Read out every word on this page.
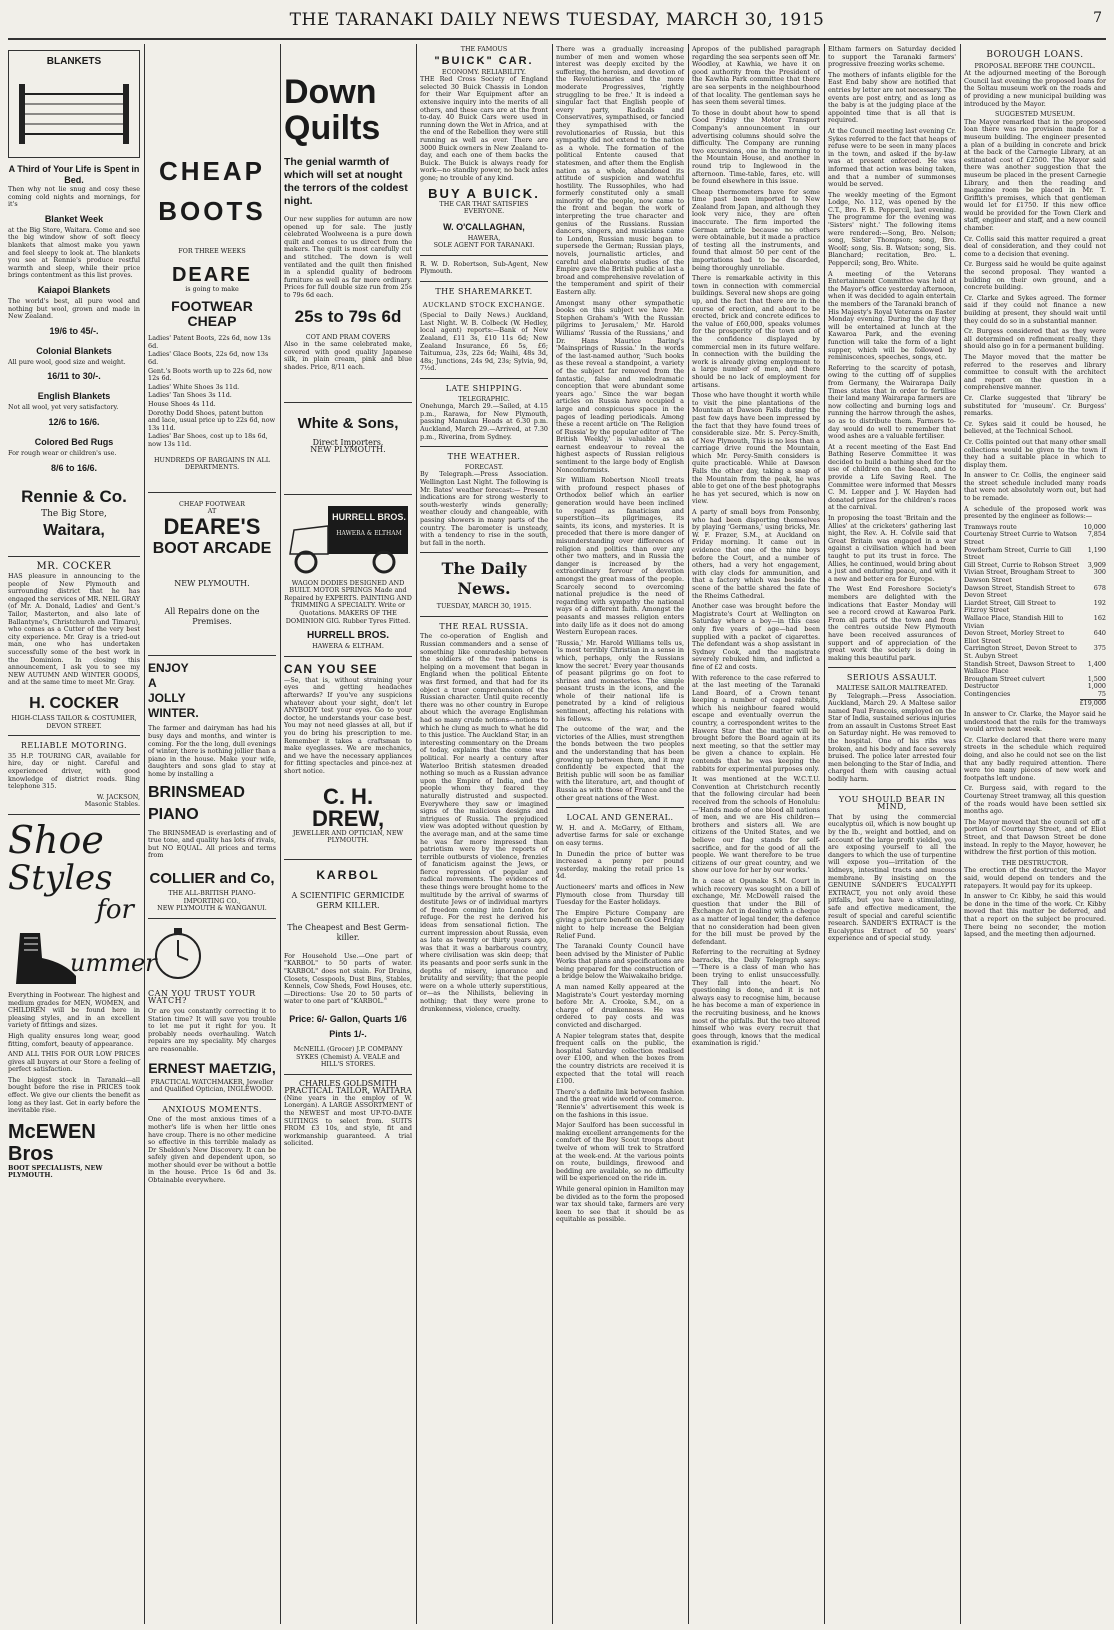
THE TARANAKI DAILY NEWS TUESDAY, MARCH 30, 1915	7
BLANKETS
A Third of Your Life is Spent in Bed.

Then why not lie snug and cosy these coming cold nights and mornings, for it's

Blanket Week

at the Big Store, Waitara. Come and see the big window show of soft fleecy blankets that almost make you yawn and feel sleepy to look at. The blankets you see at Rennie's produce restful warmth and sleep, while their price brings contentment as this list proves.

Kaiapoi Blankets

The world's best, all pure wool and nothing but wool, grown and made in New Zealand.

19/6 to 45/-.
Colonial Blankets

All pure wool, good size and weight.

16/11 to 30/-.
English Blankets

Not all wool, yet very satisfactory.

12/6 to 16/6.
Colored Bed Rugs

For rough wear or children's use.

8/6 to 16/6.
Rennie & Co.
The Big Store,
Waitara,
MR. COCKER

HAS pleasure in announcing to the people of New Plymouth and surrounding district that he has engaged the services of MR. NEIL GRAY (of Mr. A. Donald, Ladies' and Gent.'s Tailor, Masterton, and also late of Ballantyne's, Christchurch and Timaru), who comes as a Cutter of the very best city experience. Mr. Gray is a tried-out man, one who has undertaken successfully some of the best work in the Dominion. In closing this announcement, I ask you to see my NEW AUTUMN AND WINTER GOODS, and at the same time to meet Mr. Gray.

H. COCKER
HIGH-CLASS TAILOR & COSTUMIER, DEVON STREET.
RELIABLE MOTORING.

35 H.P. TOURING CAR, available for hire, day or night. Careful and experienced driver, with good knowledge of district roads. Ring telephone 315.

W. JACKSON,
Masonic Stables.
Shoe
Styles
for
ummer

Everything in Footwear. The highest and medium grades for MEN, WOMEN, and CHILDREN will be found here in pleasing styles, and in an excellent variety of fittings and sizes.

High quality ensures long wear, good fitting, comfort, beauty of appearance.

AND ALL THIS FOR OUR LOW PRICES gives all buyers at our Store a feeling of perfect satisfaction.

The biggest stock in Taranaki—all bought before the rise in PRICES took effect. We give our clients the benefit as long as they last. Get in early before the inevitable rise.

McEWEN Bros
BOOT SPECIALISTS, NEW PLYMOUTH.
CHEAP
BOOTS
FOR THREE WEEKS
DEARE
is going to make
FOOTWEAR CHEAP
Ladies' Patent Boots, 22s 6d, now 13s 6d.
Ladies' Glace Boots, 22s 6d, now 13s 6d.
Gent.'s Boots worth up to 22s 6d, now 12s 6d.
Ladies' White Shoes 3s 11d.
Ladies' Tan Shoes 3s 11d.
House Shoes 4s 11d.
Dorothy Dodd Shoes, patent button and lace, usual price up to 22s 6d, now 13s 11d.
Ladies' Bar Shoes, cost up to 18s 6d, now 13s 11d.
HUNDREDS OF BARGAINS IN ALL DEPARTMENTS.
CHEAP FOOTWEAR
AT
DEARE'S
BOOT ARCADE
NEW PLYMOUTH.
All Repairs done on the Premises.
ENJOY
A
JOLLY
WINTER.

The farmer and dairyman has had his busy days and months, and winter is coming. For the the long, dull evenings of winter, there is nothing jollier than a piano in the house. Make your wife, daughters and sons glad to stay at home by installing a

BRINSMEAD
PIANO

The BRINSMEAD is everlasting and of true tone, and quality has lots of rivals, but NO EQUAL. All prices and terms from

COLLIER and Co,
THE ALL-BRITISH PIANO-IMPORTING CO.,
NEW PLYMOUTH & WANGANUI.
CAN YOU TRUST YOUR WATCH?

Or are you constantly correcting it to Station time? It will save you trouble to let me put it right for you. It probably needs overhauling. Watch repairs are my speciality. My charges are reasonable.

ERNEST MAETZIG,
PRACTICAL WATCHMAKER, Jeweller and Qualified Optician, INGLEWOOD.
ANXIOUS MOMENTS.

One of the most anxious times of a mother's life is when her little ones have croup. There is no other medicine so effective in this terrible malady as Dr Sheldon's New Discovery. It can be safely given and dependent upon, so mother should ever be without a bottle in the house. Price 1s 6d and 3s. Obtainable everywhere.

Down
Quilts
The genial warmth of which will set at nought the terrors of the coldest night.

Our new supplies for autumn are now opened up for sale. The justly celebrated Woolweena is a pure down quilt and comes to us direct from the makers. The quilt is most carefully cut and stitched. The down is well ventilated and the quilt then finished in a splendid quality of bedroom furniture as well as far more ordinary. Prices for full double size run from 25s to 79s 6d each.

25s to 79s 6d
COT AND PRAM COVERS

Also in the same celebrated make, covered with good quality Japanese silk, in plain cream, pink and blue shades. Price, 8/11 each.

White & Sons,
Direct Importers,
NEW PLYMOUTH.
HURRELL BROS.
HAWERA & ELTHAM

WAGON DODIES DESIGNED AND BUILT. MOTOR SPRINGS Made and Repaired by EXPERTS. PAINTING AND TRIMMING A SPECIALTY. Write or Quotations. MAKERS OF THE DOMINION GIG. Rubber Tyres Fitted.

HURRELL BROS.
HAWERA & ELTHAM.
CAN YOU SEE

—Se, that is, without straining your eyes and getting headaches afterwards? If you've any suspicions whatever about your sight, don't let ANYBODY test your eyes. Go to your doctor, he understands your case best. You may not need glasses at all, but if you do bring his prescription to me. Remember it takes a craftsman to make eyeglasses. We are mechanics, and we have the necessary appliances for fitting spectacles and pince-nez at short notice.

C. H. DREW,
JEWELLER AND OPTICIAN, NEW PLYMOUTH.
KARBOL
A SCIENTIFIC GERMICIDE GERM KILLER.
The Cheapest and Best Germ-killer.

For Household Use.—One part of "KARBOL" to 50 parts of water. "KARBOL" does not stain. For Drains, Closets, Cesspools, Dust Bins, Stables, Kennels, Cow Sheds, Fowl Houses, etc.—Directions: Use 20 to 50 parts of water to one part of "KARBOL."

Price: 6/- Gallon, Quarts 1/6 Pints 1/-.

McNEILL (Grocer) J.P. COMPANY SYKES (Chemist) A. VEALE and HILL'S STORES.

CHARLES GOLDSMITH
PRACTICAL TAILOR, WAITARA

(Nine years in the employ of W. Lonergan). A LARGE ASSORTMENT of the NEWEST and most UP-TO-DATE SUITINGS to select from. SUITS FROM £3 10s, and style, fit and workmanship guaranteed. A trial solicited.

THE FAMOUS
"BUICK" CAR.
ECONOMY. RELIABILITY.

THE Red Cross Society of England selected 30 Buick Chassis in London for their War Equipment after an extensive inquiry into the merits of all others, and these cars are at the front to-day. 40 Buick Cars were used in running down the Wet in Africa, and at the end of the Rebellion they were still running as well as ever. There are 3000 Buick owners in New Zealand to-day, and each one of them backs the Buick. The Buick is always ready for work—no standby power, no back axles gone; no trouble of any kind.

BUY A BUICK.
THE CAR THAT SATISFIES EVERYONE.
W. O'CALLAGHAN,
HAWERA,
SOLE AGENT FOR TARANAKI.

R. W. D. Robertson, Sub-Agent, New Plymouth.

THE SHAREMARKET.
AUCKLAND STOCK EXCHANGE.

(Special to Daily News.) Auckland, Last Night. W. B. Colbeck (W. Hedley, local agent) reports:—Bank of New Zealand, £11 3s, £10 11s 6d; New Zealand Insurance, £6 5s, £6; Taitumua, 23s, 22s 6d; Waihi, 48s 3d, 48s; Junctions, 24s 9d, 23s; Sylvia, 9d, 7½d.

LATE SHIPPING.
TELEGRAPHIC.

Onehunga, March 29.—Sailed, at 4.15 p.m., Rarawa, for New Plymouth, passing Manukau Heads at 6.30 p.m. Auckland, March 29.—Arrived, at 7.30 p.m., Riverina, from Sydney.

THE WEATHER.
FORECAST.

By Telegraph.—Press Association. Wellington Last Night. The following is Mr. Bates' weather forecast:— Present indications are for strong westerly to south-westerly winds generally; weather cloudy and changeable, with passing showers in many parts of the country. The barometer is unsteady, with a tendency to rise in the south, but fall in the north.

The Daily News.
TUESDAY, MARCH 30, 1915.
THE REAL RUSSIA.

The co-operation of English and Russian commanders and a sense of something like comradeship between the soldiers of the two nations is helping on a movement that began in England when the political Entente was first formed, and that had for its object a truer comprehension of the Russian character. Until quite recently there was no other country in Europe about which the average Englishman had so many crude notions—notions to which he clung as much to what he did to this justice. The Auckland Star, in an interesting commentary on the Dream of today, explains that the come was political. For nearly a century after Waterloo British statesmen dreaded nothing so much as a Russian advance upon the Empire of India, and the people whom they feared they naturally distrusted and suspected. Everywhere they saw or imagined signs of the malicious designs and intrigues of Russia. The prejudiced view was adopted without question by the average man, and at the same time he was far more impressed than patriotism were by the reports of terrible outbursts of violence, frenzies of fanaticism against the Jews, or fierce repression of popular and radical movements. The evidences of these things were brought home to the multitude by the arrival of swarms of destitute Jews or of individual martyrs of freedom coming into London for refuge. For the rest he derived his ideas from sensational fiction. The current impression about Russia, even as late as twenty or thirty years ago, was that it was a barbarous country, where civilisation was skin deep; that its peasants and poor serfs sunk in the depths of misery, ignorance and brutality and servility; that the people were on a whole utterly superstitious, or—as the Nihilists, believing in nothing; that they were prone to drunkenness, violence, cruelty.

There was a gradually increasing number of men and women whose interest was deeply excited by the suffering, the heroism, and devotion of the Revolutionaries and the more moderate Progressives, 'rightly struggling to be free.' It is indeed a singular fact that English people of every party, Radicals and Conservatives, sympathised, or fancied they sympathised with the revolutionaries of Russia, but this sympathy did not extend to the nation as a whole. The formation of the political Entente caused that statesmen, and after them the English nation as a whole, abandoned its attitude of suspicion and watchful hostility. The Russophiles, who had formerly constituted only a small minority of the people, now came to the front and began the work of interpreting the true character and genius of the Russians. Russian dancers, singers, and musicians came to London, Russian music began to supersede the German; Russian plays, novels, journalistic articles, and careful and elaborate studies of the Empire gave the British public at last a broad and comprehensive revelation of the temperament and spirit of their Eastern ally.

Amongst many other sympathetic books on this subject we have Mr. Stephen Graham's 'With the Russian pilgrims to Jerusalem,' Mr. Harold Williams' 'Russia of the Russians,' and Dr. Hans Maurice Baring's 'Mainsprings of Russia.' In the words of the last-named author, 'Such books as these reveal a standpoint, a variety of the subject far removed from the fantastic, false and melodramatic conception that were abundant some years ago.' Since the war began articles on Russia have occupied a large and conspicuous space in the pages of leading periodicals. Among these a recent article on 'The Religion of Russia' by the popular editor of 'The British Weekly,' is valuable as an earnest endeavour to reveal the highest aspects of Russian religious sentiment to the large body of English Nonconformists.

Sir William Robertson Nicoll treats with profound respect phases of Orthodox belief which an earlier generation would have been inclined to regard as fanaticism and superstition—its pilgrimages, its saints, its icons, and mysteries. It is preceded that there is more danger of misunderstanding over differences of religion and politics than over any other two matters, and in Russia the danger is increased by the extraordinary fervour of devotion amongst the great mass of the people. Scarcely second to overcoming national prejudice is the need of regarding with sympathy the national ways of a different faith. Amongst the peasants and masses religion enters into daily life as it does not do among Western European races.

'Russia,' Mr. Harold Williams tells us, 'is most terribly Christian in a sense in which, perhaps, only the Russians know the secret.' Every year thousands of peasant pilgrims go on foot to shrines and monasteries. The simple peasant trusts in the icons, and the whole of their national life is penetrated by a kind of religious sentiment, affecting his relations with his fellows.

The outcome of the war, and the victories of the Allies, must strengthen the bonds between the two peoples and the understanding that has been growing up between them, and it may confidently be expected that the British public will soon be as familiar with the literature, art, and thought of Russia as with those of France and the other great nations of the West.

LOCAL AND GENERAL.

W. H. and A. McGarry, of Eltham, advertise farms for sale or exchange on easy terms.

In Dunedin the price of butter was increased a penny per pound yesterday, making the retail price 1s 4d.

Auctioneers' marts and offices in New Plymouth close from Thursday till Tuesday for the Easter holidays.

The Empire Picture Company are giving a picture benefit on Good Friday night to help increase the Belgian Relief Fund.

The Taranaki County Council have been advised by the Minister of Public Works that plans and specifications are being prepared for the construction of a bridge below the Waiwakaiho bridge.

A man named Kelly appeared at the Magistrate's Court yesterday morning before Mr. A. Crooke, S.M., on a charge of drunkenness. He was ordered to pay costs and was convicted and discharged.

A Napier telegram states that, despite frequent calls on the public, the hospital Saturday collection realised over £100, and when the boxes from the country districts are received it is expected that the total will reach £100.

There's a definite link between fashion and the great wide world of commerce. 'Rennie's' advertisement this week is on the fashions in this issue.

Major Saulford has been successful in making excellent arrangements for the comfort of the Boy Scout troops about twelve of whom will trek to Stratford at the week-end. At the various points on route, buildings, firewood and bedding are available, so no difficulty will be experienced on the ride in.

While general opinion in Hamilton may be divided as to the form the proposed war tax should take, farmers are very keen to see that it should be as equitable as possible.

Apropos of the published paragraph regarding the sea serpents seen off Mr. Woodley, at Kawhia, we have it on good authority from the President of the Kawhia Park committee that there are sea serpents in the neighbourhood of that locality. The gentleman says he has seen them several times.

To those in doubt about how to spend Good Friday the Motor Transport Company's announcement in our advertising columns should solve the difficulty. The Company are running two excursions, one in the morning to the Mountain House, and another in round trip to Inglewood in the afternoon. Time-table, fares, etc. will be found elsewhere in this issue.

Cheap thermometers have for some time past been imported to New Zealand from Japan, and although they look very nice, they are often inaccurate. The firm imported the German article because no others were obtainable, but it made a practice of testing all the instruments, and found that almost 50 per cent of the importations had to be discarded, being thoroughly unreliable.

There is remarkable activity in this town in connection with commercial buildings. Several new shops are going up, and the fact that there are in the course of erection, and about to be erected, brick and concrete edifices to the value of £60,000, speaks volumes for the prosperity of the town and of the confidence displayed by commercial men in its future welfare. In connection with the building the work is already giving employment to a large number of men, and there should be no lack of employment for artisans.

Those who have thought it worth while to visit the pine plantations of the Mountain at Dawson Falls during the past few days have been impressed by the fact that they have found trees of considerable size. Mr. S. Percy-Smith, of New Plymouth, This is no less than a carriage drive round the Mountain, which Mr. Percy-Smith considers is quite practicable. While at Dawson Falls the other day, taking a snap of the Mountain from the peak, he was able to get one of the best photographs he has yet secured, which is now on view.

A party of small boys from Ponsonby, who had been disporting themselves by playing 'Germans,' using bricks, Mr. W. F. Frazer, S.M., at Auckland on Friday morning. It came out in evidence that one of the nine boys before the Court, and a number of others, had a very hot engagement, with clay clods for ammunition, and that a factory which was beside the scene of the battle shared the fate of the Rheims Cathedral.

Another case was brought before the Magistrate's Court at Wellington on Saturday where a boy—in this case only five years of age—had been supplied with a packet of cigarettes. The defendant was a shop assistant in Sydney Cook, and the magistrate severely rebuked him, and inflicted a fine of £2 and costs.

With reference to the case referred to at the last meeting of the Taranaki Land Board, of a Crown tenant keeping a number of caged rabbits, which his neighbour feared would escape and eventually overrun the country, a correspondent writes to the Hawera Star that the matter will be brought before the Board again at its next meeting, so that the settler may be given a chance to explain. He contends that he was keeping the rabbits for experimental purposes only.

It was mentioned at the W.C.T.U. Convention at Christchurch recently that the following circular had been received from the schools of Honolulu:—'Hands made of one blood all nations of men, and we are His children—brothers and sisters all. We are citizens of the United States, and we believe our flag stands for self-sacrifice, and for the good of all the people. We want therefore to be true citizens of our great country, and we show our love for her by our works.'

In a case at Opunake S.M. Court in which recovery was sought on a bill of exchange, Mr. McDowell raised the question that under the Bill of Exchange Act in dealing with a cheque as a matter of legal tender, the defence that no consideration had been given for the bill must be proved by the defendant.

Referring to the recruiting at Sydney barracks, the Daily Telegraph says:—'There is a class of man who has been trying to enlist unsuccessfully. They fall into the heart. No questioning is done, and it is not always easy to recognise him, because he has become a man of experience in the recruiting business, and he knows most of the pitfalls. But the two altered himself who was every recruit that goes through, knows that the medical examination is rigid.'

Eltham farmers on Saturday decided to support the Taranaki farmers' progressive freezing works scheme.

The mothers of infants eligible for the East End baby show are notified that entries by letter are not necessary. The events are post entry, and as long as the baby is at the judging place at the appointed time that is all that is required.

At the Council meeting last evening Cr. Sykes referred to the fact that heaps of refuse were to be seen in many places in the town, and asked if the by-law was at present enforced. He was informed that action was being taken, and that a number of summonses would be served.

The weekly meeting of the Egmont Lodge, No. 112, was opened by the C.T., Bro. F. B. Peppercil, last evening. The programme for the evening was 'Sisters' night.' The following items were rendered:—Song, Bro. Nelson; song, Sister Thompson; song, Bro. Woolf; song, Sis. B. Watson; song, Sis. Blanchard; recitation, Bro. L. Peppercil; song, Bro. White.

A meeting of the Veterans Entertainment Committee was held at the Mayor's office yesterday afternoon, when it was decided to again entertain the members of the Taranaki branch of His Majesty's Royal Veterans on Easter Monday evening. During the day they will be entertained at lunch at the Kawaroa Park, and the evening function will take the form of a light supper, which will be followed by reminiscences, speeches, songs, etc.

Referring to the scarcity of potash, owing to the cutting off of supplies from Germany, the Wairarapa Daily Times states that in order to fertilise their land many Wairarapa farmers are now collecting and burning logs and running the harrow through the ashes, so as to distribute them. Farmers to-day would do well to remember that wood ashes are a valuable fertiliser.

At a recent meeting of the East End Bathing Reserve Committee it was decided to build a bathing shed for the use of children on the beach, and to provide a Life Saving Reel. The Committee were informed that Messrs C. M. Lepper and J. W. Hayden had donated prizes for the children's races at the carnival.

In proposing the toast 'Britain and the Allies' at the cricketers' gathering last night, the Rev. A. H. Colvile said that Great Britain was engaged in a war against a civilisation which had been taught to put its trust in force. The Allies, he continued, would bring about a just and enduring peace, and with it a new and better era for Europe.

The West End Foreshore Society's members are delighted with the indications that Easter Monday will see a record crowd at Kawaroa Park. From all parts of the town and from the centres outside New Plymouth have been received assurances of support and of appreciation of the great work the society is doing in making this beautiful park.

SERIOUS ASSAULT.
MALTESE SAILOR MALTREATED.

By Telegraph.—Press Association. Auckland, March 29. A Maltese sailor named Paul Francois, employed on the Star of India, sustained serious injuries from an assault in Customs Street East on Saturday night. He was removed to the hospital. One of his ribs was broken, and his body and face severely bruised. The police later arrested four men belonging to the Star of India, and charged them with causing actual bodily harm.

YOU SHOULD BEAR IN MIND,

That by using the commercial eucalyptus oil, which is now bought up by the lb., weight and bottled, and on account of the large profit yielded, you are exposing yourself to all the dangers to which the use of turpentine will expose you—irritation of the kidneys, intestinal tracts and mucous membrane. By insisting on the GENUINE SANDER'S EUCALYPTI EXTRACT, you not only avoid these pitfalls, but you have a stimulating, safe and effective medicament, the result of special and careful scientific research. SANDER'S EXTRACT is the Eucalyptus Extract of 50 years' experience and of special study.

BOROUGH LOANS.
PROPOSAL BEFORE THE COUNCIL.

At the adjourned meeting of the Borough Council last evening the proposed loans for the Soltau museum work on the roads and of providing a new municipal building was introduced by the Mayor.

SUGGESTED MUSEUM.

The Mayor remarked that in the proposed loan there was no provision made for a museum building. The engineer presented a plan of a building in concrete and brick at the back of the Carnegie Library, at an estimated cost of £2500. The Mayor said there was another suggestion that the museum be placed in the present Carnegie Library, and then the reading and magazine room be placed in Mr. T. Griffith's premises, which that gentleman would let for £1750. If this new office would be provided for the Town Clerk and staff, engineer and staff, and a new council chamber.

Cr. Collis said this matter required a great deal of consideration, and they could not come to a decision that evening.

Cr. Burgess said he would be quite against the second proposal. They wanted a building on their own ground, and a concrete building.

Cr. Clarke and Sykes agreed. The former said if they could not finance a new building at present, they should wait until they could do so in a substantial manner.

Cr. Burgess considered that as they were all determined on refinement really, they should also go in for a permanent building.

The Mayor moved that the matter be referred to the reserves and library committee to consult with the architect and report on the question in a comprehensive manner.

Cr. Clarke suggested that 'library' be substituted for 'museum'. Cr. Burgess' remarks.

Cr. Sykes said it could be housed, he believed, at the Technical School.

Cr. Collis pointed out that many other small collections would be given to the town if they had a suitable place in which to display them.

In answer to Cr. Collis, the engineer said the street schedule included many roads that were not absolutely worn out, but had to be remade.

A schedule of the proposed work was presented by the engineer as follows:—

Tramways route	10,000
Courtenay Street Currie to Watson Street	7,854
Powderham Street, Currie to Gill Street	1,190
Gill Street, Currie to Robson Street	3,909
Vivian Street, Brougham Street to Dawson Street	300
Dawson Street, Standish Street to Devon Street	678
Liardet Street, Gill Street to Fitzroy Street	192
Wallace Place, Standish Hill to Vivian	162
Devon Street, Morley Street to Eliot Street	640
Carrington Street, Devon Street to St. Aubyn Street	375
Standish Street, Dawson Street to Wallace Place	1,400
Brougham Street culvert	1,500
Destructor	1,000
Contingencies	75
	£19,000

In answer to Cr. Clarke, the Mayor said he understood that the rails for the tramways would arrive next week.

Cr. Clarke declared that there were many streets in the schedule which required doing, and also he could not see on the list that any badly required attention. There were too many pieces of new work and footpaths left undone.

Cr. Burgess said, with regard to the Courtenay Street tramway, all this question of the roads would have been settled six months ago.

The Mayor moved that the council set off a portion of Courtenay Street, and of Eliot Street, and that Dawson Street be done instead. In reply to the Mayor, however, he withdrew the first portion of this motion.

THE DESTRUCTOR.

The erection of the destructor, the Mayor said, would depend on tenders and the ratepayers. It would pay for its upkeep.

In answer to Cr. Kibby, he said this would be done in the time of the work. Cr. Kibby moved that this matter be deferred, and that a report on the subject be procured. There being no seconder, the motion lapsed, and the meeting then adjourned.
